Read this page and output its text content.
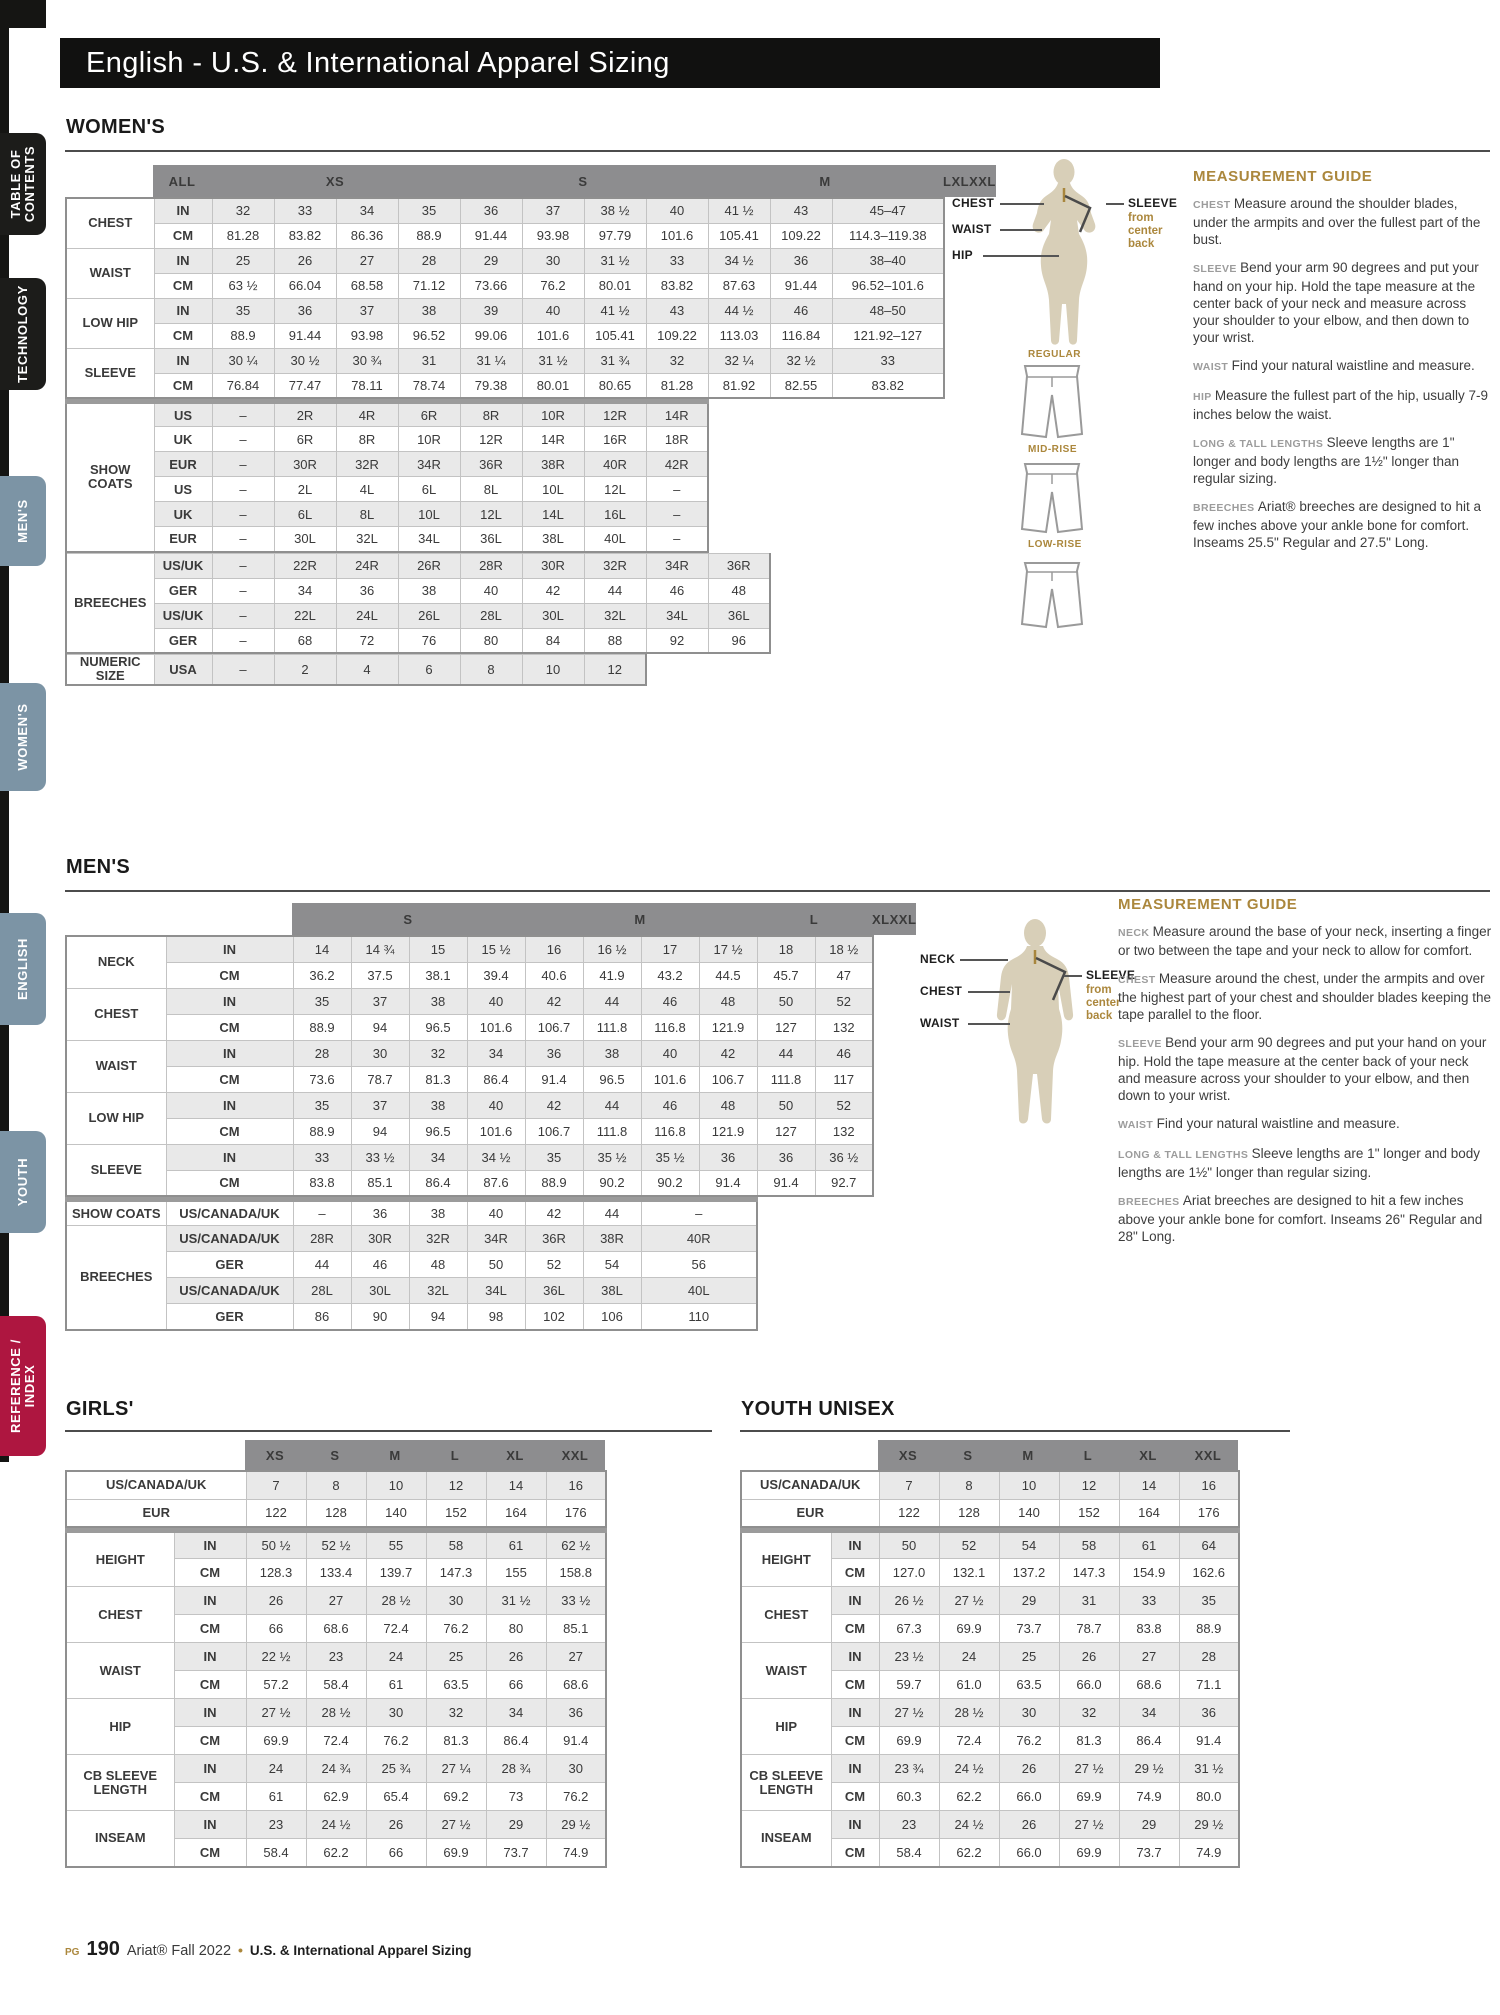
TABLE OF
CONTENTS
TECHNOLOGY
MEN'S
WOMEN'S
ENGLISH
YOUTH
REFERENCE /
INDEX
English - U.S. & International Apparel Sizing
WOMEN'S
	ALL	XS	S	M	L	XL	XXL
CHEST	IN	32	33	34	35	36	37	38 ½	40	41 ½	43	45–47
	CM	81.28	83.82	86.36	88.9	91.44	93.98	97.79	101.6	105.41	109.22	114.3–119.38
WAIST	IN	25	26	27	28	29	30	31 ½	33	34 ½	36	38–40
	CM	63 ½	66.04	68.58	71.12	73.66	76.2	80.01	83.82	87.63	91.44	96.52–101.6
LOW HIP	IN	35	36	37	38	39	40	41 ½	43	44 ½	46	48–50
	CM	88.9	91.44	93.98	96.52	99.06	101.6	105.41	109.22	113.03	116.84	121.92–127
SLEEVE	IN	30 ¼	30 ½	30 ¾	31	31 ¼	31 ½	31 ¾	32	32 ¼	32 ½	33
	CM	76.84	77.47	78.11	78.74	79.38	80.01	80.65	81.28	81.92	82.55	83.82
SHOW COATS	US	–	2R	4R	6R	8R	10R	12R	14R
	UK	–	6R	8R	10R	12R	14R	16R	18R
	EUR	–	30R	32R	34R	36R	38R	40R	42R
	US	–	2L	4L	6L	8L	10L	12L	–
	UK	–	6L	8L	10L	12L	14L	16L	–
	EUR	–	30L	32L	34L	36L	38L	40L	–
BREECHES	US/UK	–	22R	24R	26R	28R	30R	32R	34R	36R
	GER	–	34	36	38	40	42	44	46	48
	US/UK	–	22L	24L	26L	28L	30L	32L	34L	36L
	GER	–	68	72	76	80	84	88	92	96
NUMERIC SIZE	USA	–	2	4	6	8	10	12
CHEST
WAIST
HIP
SLEEVE
from center back
REGULAR
MID-RISE
LOW-RISE
MEASUREMENT GUIDE

CHEST Measure around the shoulder blades, under the armpits and over the fullest part of the bust.

SLEEVE Bend your arm 90 degrees and put your hand on your hip. Hold the tape measure at the center back of your neck and measure across your shoulder to your elbow, and then down to your wrist.

WAIST Find your natural waistline and measure.

HIP Measure the fullest part of the hip, usually 7-9 inches below the waist.

LONG & TALL LENGTHS Sleeve lengths are 1" longer and body lengths are 1½" longer than regular sizing.

BREECHES Ariat® breeches are designed to hit a few inches above your ankle bone for comfort. Inseams 25.5" Regular and 27.5" Long.

MEN'S
	S	M	L	XL	XXL
NECK	IN	14	14 ¾	15	15 ½	16	16 ½	17	17 ½	18	18 ½
	CM	36.2	37.5	38.1	39.4	40.6	41.9	43.2	44.5	45.7	47
CHEST	IN	35	37	38	40	42	44	46	48	50	52
	CM	88.9	94	96.5	101.6	106.7	111.8	116.8	121.9	127	132
WAIST	IN	28	30	32	34	36	38	40	42	44	46
	CM	73.6	78.7	81.3	86.4	91.4	96.5	101.6	106.7	111.8	117
LOW HIP	IN	35	37	38	40	42	44	46	48	50	52
	CM	88.9	94	96.5	101.6	106.7	111.8	116.8	121.9	127	132
SLEEVE	IN	33	33 ½	34	34 ½	35	35 ½	35 ½	36	36	36 ½
	CM	83.8	85.1	86.4	87.6	88.9	90.2	90.2	91.4	91.4	92.7
SHOW COATS	US/CANADA/UK	–	36	38	40	42	44	–
BREECHES	US/CANADA/UK	28R	30R	32R	34R	36R	38R	40R
	GER	44	46	48	50	52	54	56
	US/CANADA/UK	28L	30L	32L	34L	36L	38L	40L
	GER	86	90	94	98	102	106	110
NECK
CHEST
WAIST
SLEEVE
from center back
MEASUREMENT GUIDE

NECK Measure around the base of your neck, inserting a finger or two between the tape and your neck to allow for comfort.

CHEST Measure around the chest, under the armpits and over the highest part of your chest and shoulder blades keeping the tape parallel to the floor.

SLEEVE Bend your arm 90 degrees and put your hand on your hip. Hold the tape measure at the center back of your neck and measure across your shoulder to your elbow, and then down to your wrist.

WAIST Find your natural waistline and measure.

LONG & TALL LENGTHS Sleeve lengths are 1" longer and body lengths are 1½" longer than regular sizing.

BREECHES Ariat breeches are designed to hit a few inches above your ankle bone for comfort. Inseams 26" Regular and 28" Long.

GIRLS'
	XS	S	M	L	XL	XXL
US/CANADA/UK	7	8	10	12	14	16
EUR	122	128	140	152	164	176
HEIGHT	IN	50 ½	52 ½	55	58	61	62 ½
	CM	128.3	133.4	139.7	147.3	155	158.8
CHEST	IN	26	27	28 ½	30	31 ½	33 ½
	CM	66	68.6	72.4	76.2	80	85.1
WAIST	IN	22 ½	23	24	25	26	27
	CM	57.2	58.4	61	63.5	66	68.6
HIP	IN	27 ½	28 ½	30	32	34	36
	CM	69.9	72.4	76.2	81.3	86.4	91.4
CB SLEEVE LENGTH	IN	24	24 ¾	25 ¾	27 ¼	28 ¾	30
	CM	61	62.9	65.4	69.2	73	76.2
INSEAM	IN	23	24 ½	26	27 ½	29	29 ½
	CM	58.4	62.2	66	69.9	73.7	74.9
YOUTH UNISEX
	XS	S	M	L	XL	XXL
US/CANADA/UK	7	8	10	12	14	16
EUR	122	128	140	152	164	176
HEIGHT	IN	50	52	54	58	61	64
	CM	127.0	132.1	137.2	147.3	154.9	162.6
CHEST	IN	26 ½	27 ½	29	31	33	35
	CM	67.3	69.9	73.7	78.7	83.8	88.9
WAIST	IN	23 ½	24	25	26	27	28
	CM	59.7	61.0	63.5	66.0	68.6	71.1
HIP	IN	27 ½	28 ½	30	32	34	36
	CM	69.9	72.4	76.2	81.3	86.4	91.4
CB SLEEVE LENGTH	IN	23 ¾	24 ½	26	27 ½	29 ½	31 ½
	CM	60.3	62.2	66.0	69.9	74.9	80.0
INSEAM	IN	23	24 ½	26	27 ½	29	29 ½
	CM	58.4	62.2	66.0	69.9	73.7	74.9
PG 190 Ariat® Fall 2022 • U.S. & International Apparel Sizing
